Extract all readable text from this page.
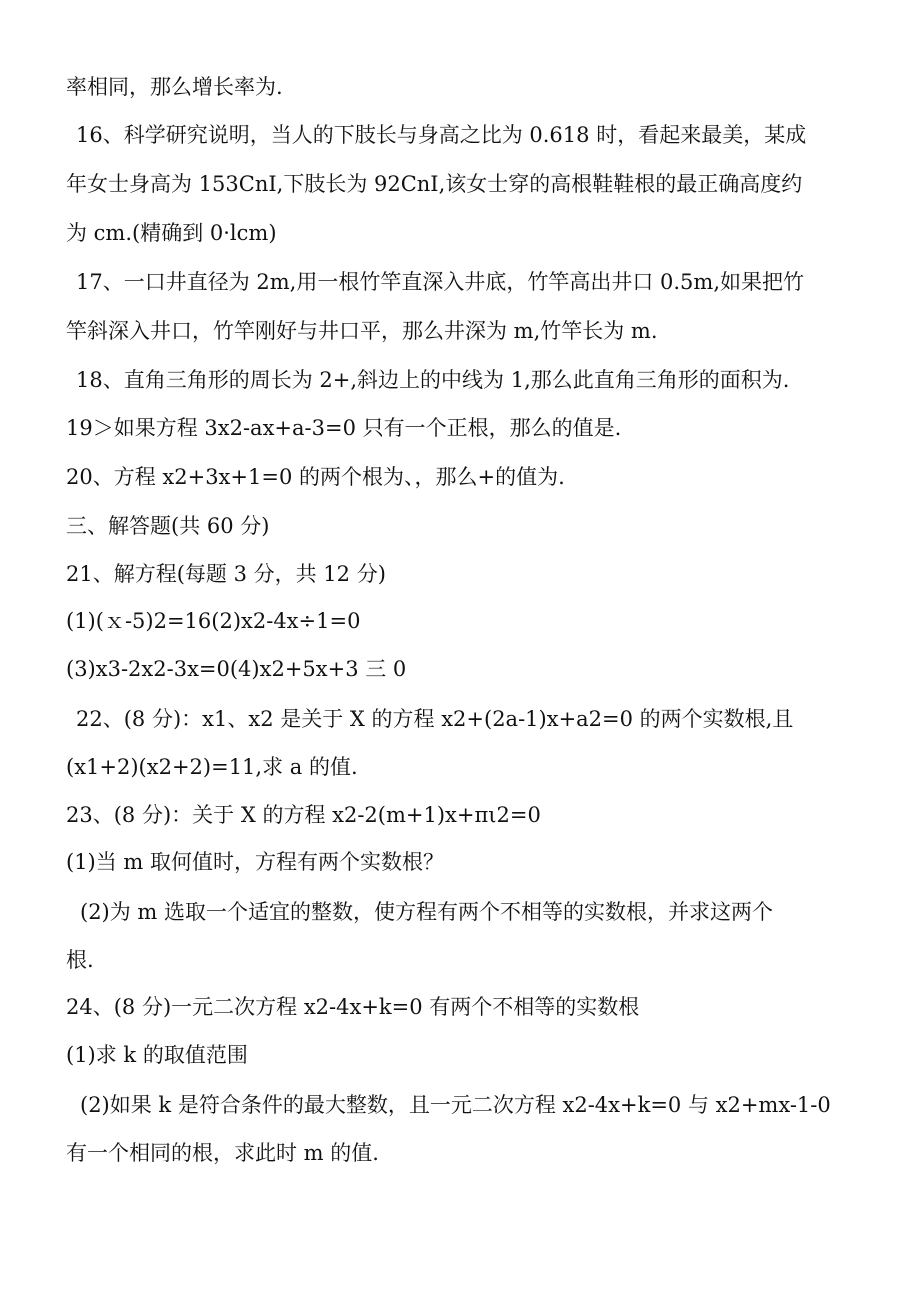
率相同，那么增长率为.

16、科学研究说明，当人的下肢长与身高之比为 0.618 时，看起来最美，某成

年女士身高为 153CnI,下肢长为 92CnI,该女士穿的高根鞋鞋根的最正确高度约

为 cm.(精确到 0·lcm)

17、一口井直径为 2m,用一根竹竿直深入井底，竹竿高出井口 0.5m,如果把竹

竿斜深入井口，竹竿刚好与井口平，那么井深为 m,竹竿长为 m.

18、直角三角形的周长为 2+,斜边上的中线为 1,那么此直角三角形的面积为.

19＞如果方程 3x2-ax+a-3=0 只有一个正根，那么的值是.

20、方程 x2+3x+1=0 的两个根为、，那么+的值为.

三、解答题(共 60 分)

21、解方程(每题 3 分，共 12 分)

(1)(ｘ-5)2=16(2)x2-4x÷1=0

(3)x3-2x2-3x=0(4)x2+5x+3 三 0

22、(8 分)：x1、x2 是关于 X 的方程 x2+(2a-1)x+a2=0 的两个实数根,且

(x1+2)(x2+2)=11,求 a 的值.

23、(8 分)：关于 X 的方程 x2-2(m+1)x+πι2=0

(1)当 m 取何值时，方程有两个实数根？

(2)为 m 选取一个适宜的整数，使方程有两个不相等的实数根，并求这两个

根.

24、(8 分)一元二次方程 x2-4x+k=0 有两个不相等的实数根

(1)求 k 的取值范围

(2)如果 k 是符合条件的最大整数，且一元二次方程 x2-4x+k=0 与 x2+mx-1-0

有一个相同的根，求此时 m 的值.
